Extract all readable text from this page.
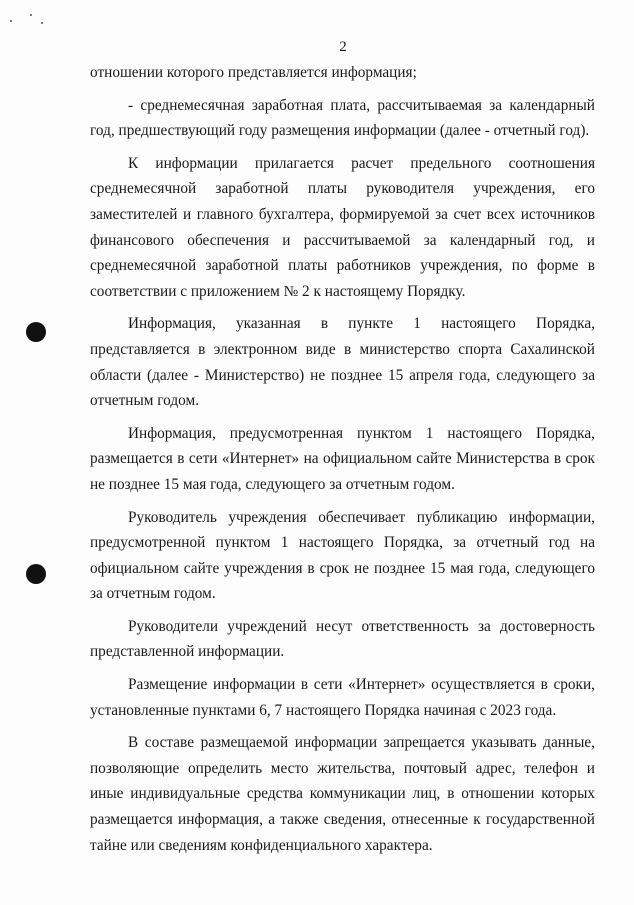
2

отношении которого представляется информация;

- среднемесячная заработная плата, рассчитываемая за календарный год, предшествующий году размещения информации (далее - отчетный год).

К информации прилагается расчет предельного соотношения среднемесячной заработной платы руководителя учреждения, его заместителей и главного бухгалтера, формируемой за счет всех источников финансового обеспечения и рассчитываемой за календарный год, и среднемесячной заработной платы работников учреждения, по форме в соответствии с приложением № 2 к настоящему Порядку.

Информация, указанная в пункте 1 настоящего Порядка, представляется в электронном виде в министерство спорта Сахалинской области (далее - Министерство) не позднее 15 апреля года, следующего за отчетным годом.

Информация, предусмотренная пунктом 1 настоящего Порядка, размещается в сети «Интернет» на официальном сайте Министерства в срок не позднее 15 мая года, следующего за отчетным годом.

Руководитель учреждения обеспечивает публикацию информации, предусмотренной пунктом 1 настоящего Порядка, за отчетный год на официальном сайте учреждения в срок не позднее 15 мая года, следующего за отчетным годом.

Руководители учреждений несут ответственность за достоверность представленной информации.

Размещение информации в сети «Интернет» осуществляется в сроки, установленные пунктами 6, 7 настоящего Порядка начиная с 2023 года.

В составе размещаемой информации запрещается указывать данные, позволяющие определить место жительства, почтовый адрес, телефон и иные индивидуальные средства коммуникации лиц, в отношении которых размещается информация, а также сведения, отнесенные к государственной тайне или сведениям конфиденциального характера.
